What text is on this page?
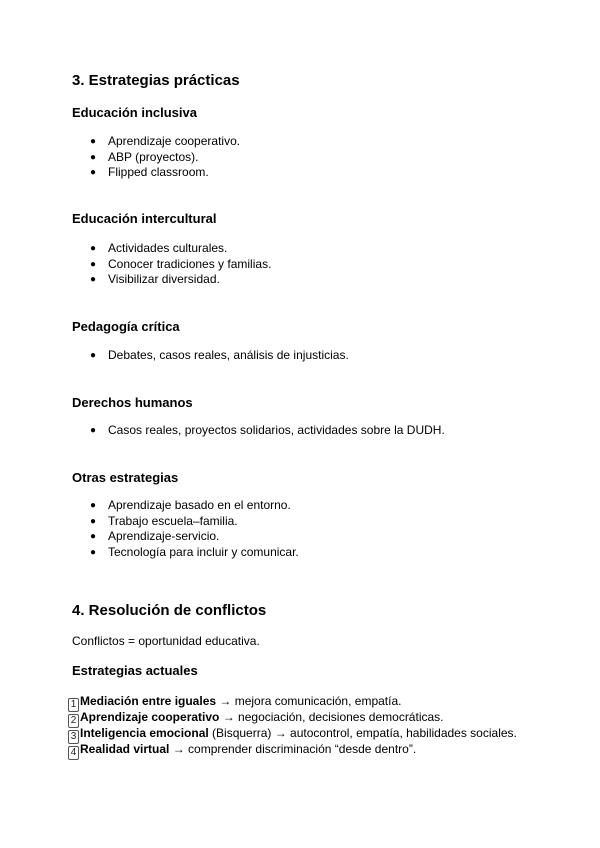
3. Estrategias prácticas
Educación inclusiva
● Aprendizaje cooperativo.
● ABP (proyectos).
● Flipped classroom.
Educación intercultural
● Actividades culturales.
● Conocer tradiciones y familias.
● Visibilizar diversidad.
Pedagogía crítica
● Debates, casos reales, análisis de injusticias.
Derechos humanos
● Casos reales, proyectos solidarios, actividades sobre la DUDH.
Otras estrategias
● Aprendizaje basado en el entorno.
● Trabajo escuela–familia.
● Aprendizaje-servicio.
● Tecnología para incluir y comunicar.
4. Resolución de conflictos
Conflictos = oportunidad educativa.
Estrategias actuales
1 Mediación entre iguales → mejora comunicación, empatía.
2 Aprendizaje cooperativo → negociación, decisiones democráticas.
3 Inteligencia emocional (Bisquerra) → autocontrol, empatía, habilidades sociales.
4 Realidad virtual → comprender discriminación “desde dentro”.
